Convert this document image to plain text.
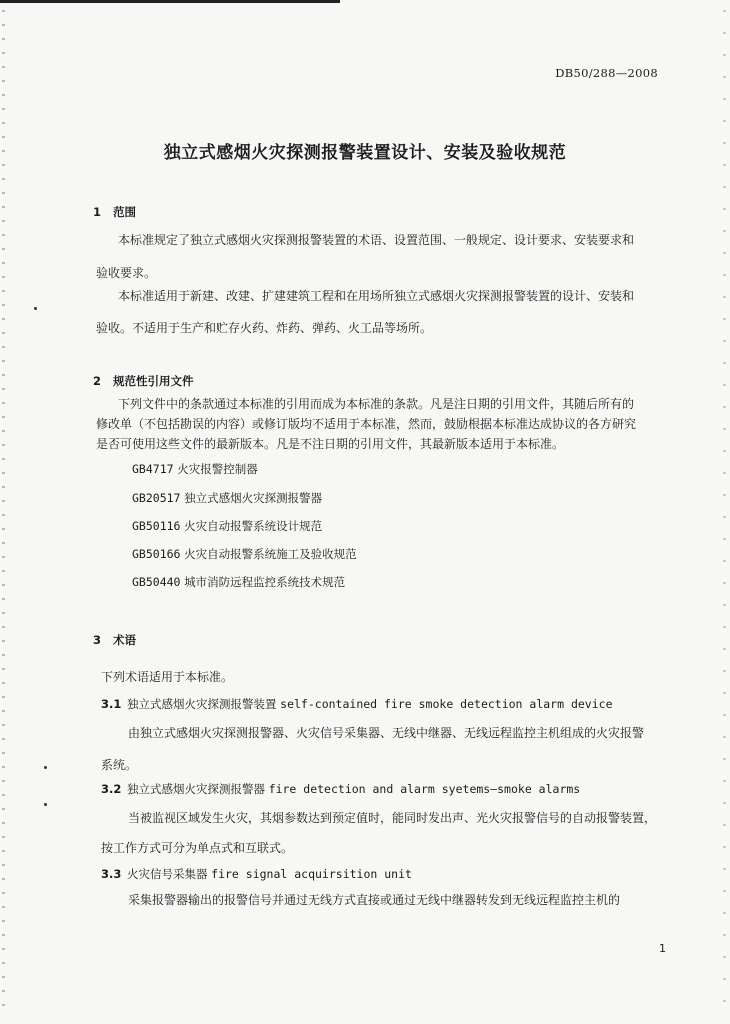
DB50/288—2008
独立式感烟火灾探测报警装置设计、安装及验收规范
1 范围
本标准规定了独立式感烟火灾探测报警装置的术语、设置范围、一般规定、设计要求、安装要求和
验收要求。
本标准适用于新建、改建、扩建建筑工程和在用场所独立式感烟火灾探测报警装置的设计、安装和
验收。不适用于生产和贮存火药、炸药、弹药、火工品等场所。
2 规范性引用文件
下列文件中的条款通过本标准的引用而成为本标准的条款。凡是注日期的引用文件，其随后所有的
修改单（不包括勘误的内容）或修订版均不适用于本标准，然而，鼓励根据本标准达成协议的各方研究
是否可使用这些文件的最新版本。凡是不注日期的引用文件，其最新版本适用于本标准。
GB4717 火灾报警控制器
GB20517 独立式感烟火灾探测报警器
GB50116 火灾自动报警系统设计规范
GB50166 火灾自动报警系统施工及验收规范
GB50440 城市消防远程监控系统技术规范
3 术语
下列术语适用于本标准。
3.1 独立式感烟火灾探测报警装置 self-contained fire smoke detection alarm device
由独立式感烟火灾探测报警器、火灾信号采集器、无线中继器、无线远程监控主机组成的火灾报警
系统。
3.2 独立式感烟火灾探测报警器 fire detection and alarm syetems—smoke alarms
当被监视区域发生火灾，其烟参数达到预定值时，能同时发出声、光火灾报警信号的自动报警装置，
按工作方式可分为单点式和互联式。
3.3 火灾信号采集器 fire signal acquirsition unit
采集报警器输出的报警信号并通过无线方式直接或通过无线中继器转发到无线远程监控主机的
1
